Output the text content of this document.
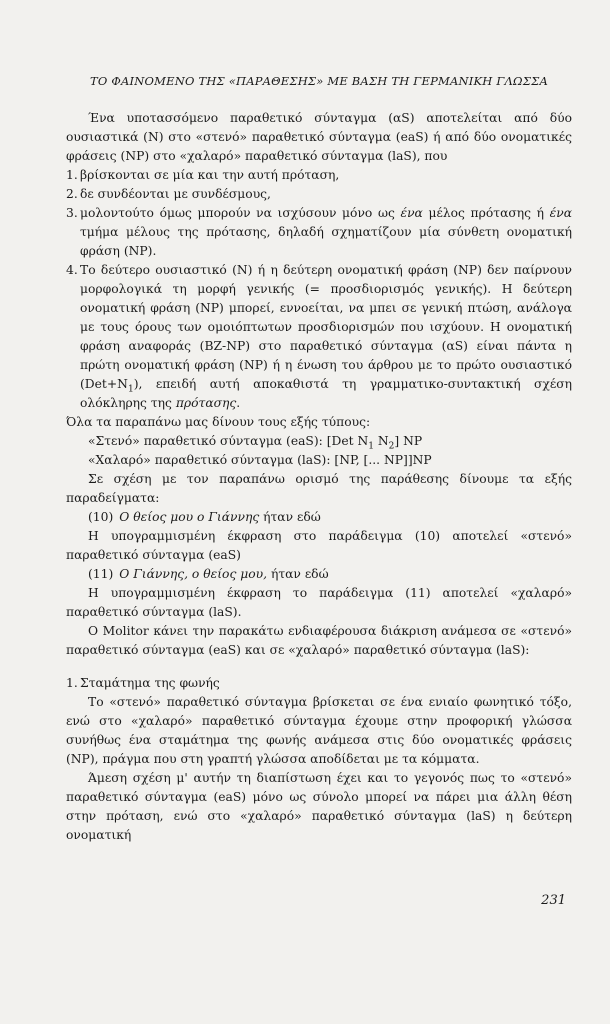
ΤΟ ΦΑΙΝΟΜΕΝΟ ΤΗΣ «ΠΑΡΑΘΕΣΗΣ» ΜΕ ΒΑΣΗ ΤΗ ΓΕΡΜΑΝΙΚΗ ΓΛΩΣΣΑ

Ένα υποτασσόμενο παραθετικό σύνταγμα (αS) αποτελείται από δύο ουσιαστικά (N) στο «στενό» παραθετικό σύνταγμα (eaS) ή από δύο ονοματικές φράσεις (NP) στο «χαλαρό» παραθετικό σύνταγμα (laS), που

1. βρίσκονται σε μία και την αυτή πρόταση,
2. δε συνδέονται με συνδέσμους,
3. μολοντούτο όμως μπορούν να ισχύσουν μόνο ως ένα μέλος πρότασης ή ένα τμήμα μέλους της πρότασης, δηλαδή σχηματίζουν μία σύνθετη ονοματική φράση (NP).
4. Το δεύτερο ουσιαστικό (N) ή η δεύτερη ονοματική φράση (NP) δεν παίρνουν μορφολογικά τη μορφή γενικής (= προσδιορισμός γενικής). Η δεύτερη ονοματική φράση (NP) μπορεί, εννοείται, να μπει σε γενική πτώση, ανάλογα με τους όρους των ομοιόπτωτων προσδιορισμών που ισχύουν. Η ονοματική φράση αναφοράς (BZ-NP) στο παραθετικό σύνταγμα (αS) είναι πάντα η πρώτη ονοματική φράση (NP) ή η ένωση του άρθρου με το πρώτο ουσιαστικό $(Det+N_1)$, επειδή αυτή αποκαθιστά τη γραμματικο-συντακτική σχέση ολόκληρης της πρότασης.

Όλα τα παραπάνω μας δίνουν τους εξής τύπους:

«Στενό» παραθετικό σύνταγμα (eaS): [Det $N_1$ $N_2$] NP

«Χαλαρό» παραθετικό σύνταγμα (laS): [NP, [... NP]]NP

Σε σχέση με τον παραπάνω ορισμό της παράθεσης δίνουμε τα εξής παραδείγματα:

(10) Ο θείος μου ο Γιάννης ήταν εδώ

Η υπογραμμισμένη έκφραση στο παράδειγμα (10) αποτελεί «στενό» παραθετικό σύνταγμα (eaS)

(11) Ο Γιάννης, ο θείος μου, ήταν εδώ

Η υπογραμμισμένη έκφραση το παράδειγμα (11) αποτελεί «χαλαρό» παραθετικό σύνταγμα (laS).

Ο Molitor κάνει την παρακάτω ενδιαφέρουσα διάκριση ανάμεσα σε «στενό» παραθετικό σύνταγμα (eaS) και σε «χαλαρό» παραθετικό σύνταγμα (laS):

1. Σταμάτημα της φωνής

Το «στενό» παραθετικό σύνταγμα βρίσκεται σε ένα ενιαίο φωνητικό τόξο, ενώ στο «χαλαρό» παραθετικό σύνταγμα έχουμε στην προφορική γλώσσα συνήθως ένα σταμάτημα της φωνής ανάμεσα στις δύο ονοματικές φράσεις (NP), πράγμα που στη γραπτή γλώσσα αποδίδεται με τα κόμματα.

Άμεση σχέση μ' αυτήν τη διαπίστωση έχει και το γεγονός πως το «στενό» παραθετικό σύνταγμα (eaS) μόνο ως σύνολο μπορεί να πάρει μια άλλη θέση στην πρόταση, ενώ στο «χαλαρό» παραθετικό σύνταγμα (laS) η δεύτερη ονοματική

231
